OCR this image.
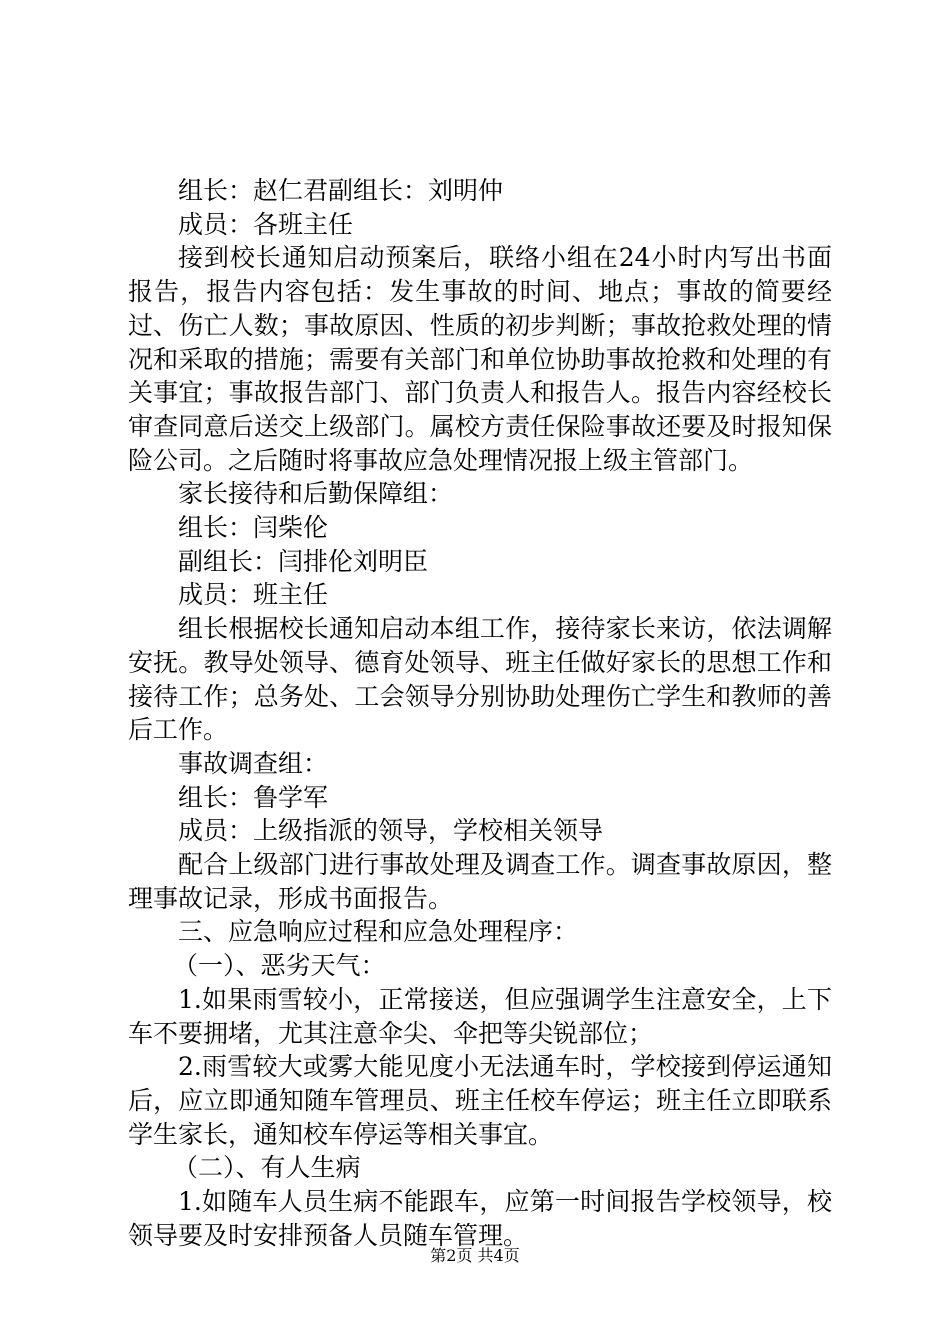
组长：赵仁君副组长：刘明仲

成员：各班主任

接到校长通知启动预案后，联络小组在24小时内写出书面报告，报告内容包括：发生事故的时间、地点；事故的简要经过、伤亡人数；事故原因、性质的初步判断；事故抢救处理的情况和采取的措施；需要有关部门和单位协助事故抢救和处理的有关事宜；事故报告部门、部门负责人和报告人。报告内容经校长审查同意后送交上级部门。属校方责任保险事故还要及时报知保险公司。之后随时将事故应急处理情况报上级主管部门。

家长接待和后勤保障组：

组长：闫柴伦

副组长：闫排伦刘明臣

成员：班主任

组长根据校长通知启动本组工作，接待家长来访，依法调解安抚。教导处领导、德育处领导、班主任做好家长的思想工作和接待工作；总务处、工会领导分别协助处理伤亡学生和教师的善后工作。

事故调查组：

组长：鲁学军

成员：上级指派的领导，学校相关领导

配合上级部门进行事故处理及调查工作。调查事故原因，整理事故记录，形成书面报告。

三、应急响应过程和应急处理程序：

（一）、恶劣天气：

1.如果雨雪较小，正常接送，但应强调学生注意安全，上下车不要拥堵，尤其注意伞尖、伞把等尖锐部位；

2.雨雪较大或雾大能见度小无法通车时，学校接到停运通知后，应立即通知随车管理员、班主任校车停运；班主任立即联系学生家长，通知校车停运等相关事宜。

（二）、有人生病

1.如随车人员生病不能跟车，应第一时间报告学校领导，校领导要及时安排预备人员随车管理。

第2页 共4页
